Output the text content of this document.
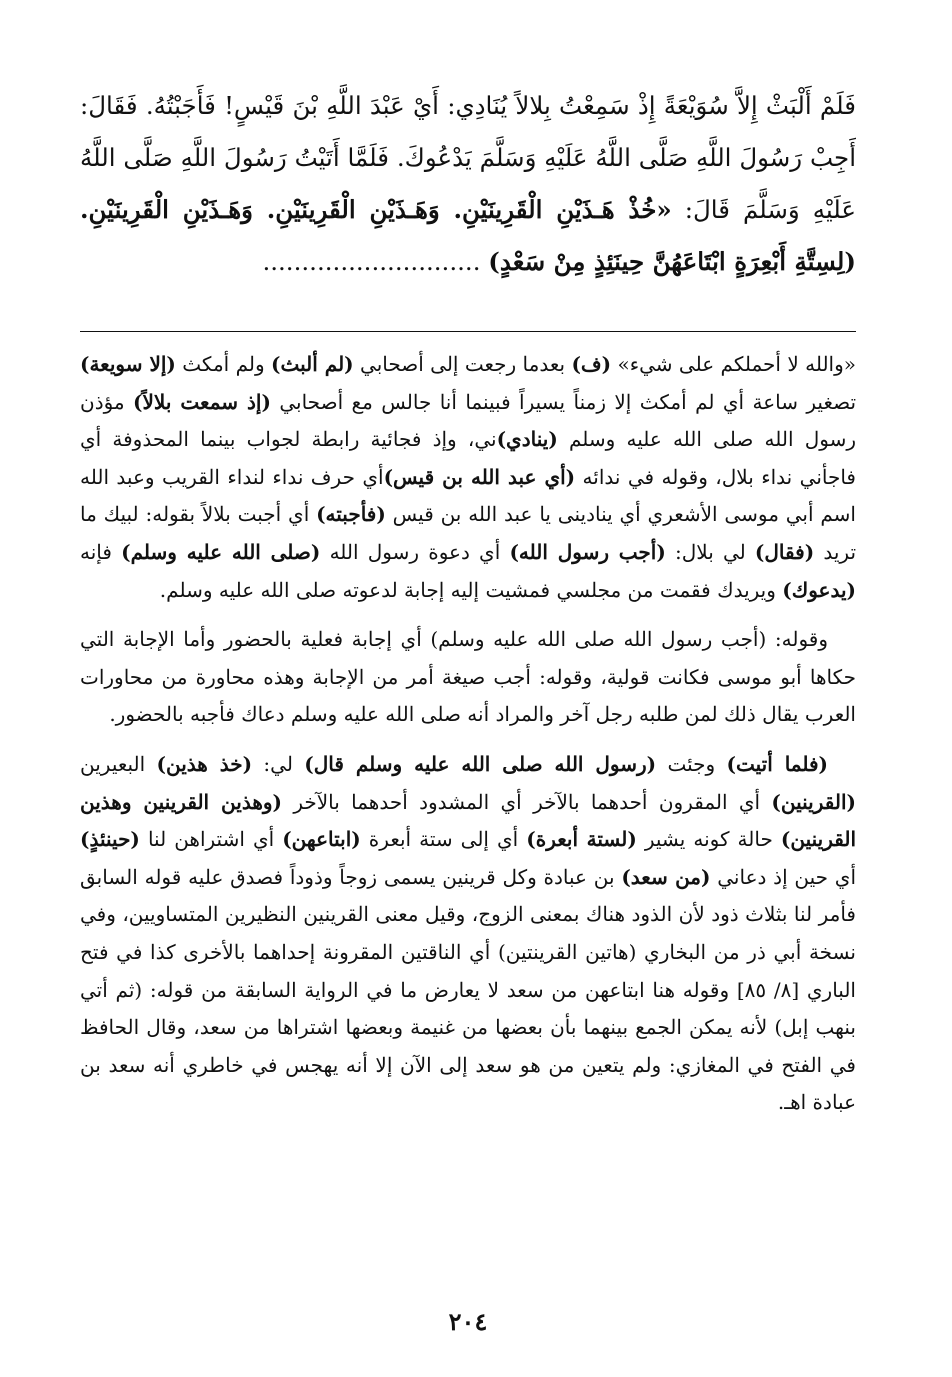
فَلَمْ أَلْبَثْ إِلاَّ سُوَيْعَةً إِذْ سَمِعْتُ بِلالاً يُنَادِي: أَيْ عَبْدَ اللَّهِ بْنَ قَيْسٍ! فَأَجَبْتُهُ. فَقَالَ: أَجِبْ رَسُولَ اللَّهِ صَلَّى اللَّهُ عَلَيْهِ وَسَلَّمَ يَدْعُوكَ. فَلَمَّا أَتَيْتُ رَسُولَ اللَّهِ صَلَّى اللَّهُ عَلَيْهِ وَسَلَّمَ قَالَ: «خُذْ هَـذَيْنِ الْقَرِينَيْنِ. وَهَـذَيْنِ الْقَرِينَيْنِ. وَهَـذَيْنِ الْقَرِينَيْنِ. (لِسِتَّةِ أَبْعِرَةٍ ابْتَاعَهُنَّ حِينَئِذٍ مِنْ سَعْدٍ) ............................

«والله لا أحملكم على شيء» (ف) بعدما رجعت إلى أصحابي (لم ألبث) ولم أمكث (إلا سويعة) تصغير ساعة أي لم أمكث إلا زمناً يسيراً فبينما أنا جالس مع أصحابي (إذ سمعت بلالاً) مؤذن رسول الله صلى الله عليه وسلم (ينادي)ني، وإذ فجائية رابطة لجواب بينما المحذوفة أي فاجأني نداء بلال، وقوله في ندائه (أي عبد الله بن قيس)أي حرف نداء لنداء القريب وعبد الله اسم أبي موسى الأشعري أي ينادينى يا عبد الله بن قيس (فأجبته) أي أجبت بلالاً بقوله: لبيك ما تريد (فقال) لي بلال: (أجب رسول الله) أي دعوة رسول الله (صلى الله عليه وسلم) فإنه (يدعوك) ويريدك فقمت من مجلسي فمشيت إليه إجابة لدعوته صلى الله عليه وسلم.

وقوله: (أجب رسول الله صلى الله عليه وسلم) أي إجابة فعلية بالحضور وأما الإجابة التي حكاها أبو موسى فكانت قولية، وقوله: أجب صيغة أمر من الإجابة وهذه محاورة من محاورات العرب يقال ذلك لمن طلبه رجل آخر والمراد أنه صلى الله عليه وسلم دعاك فأجبه بالحضور.

(فلما أتيت) وجئت (رسول الله صلى الله عليه وسلم قال) لي: (خذ هذين) البعيرين (القرينين) أي المقرون أحدهما بالآخر أي المشدود أحدهما بالآخر (وهذين القرينين وهذين القرينين) حالة كونه يشير (لستة أبعرة) أي إلى ستة أبعرة (ابتاعهن) أي اشتراهن لنا (حينئذٍ) أي حين إذ دعاني (من سعد) بن عبادة وكل قرينين يسمى زوجاً وذوداً فصدق عليه قوله السابق فأمر لنا بثلاث ذود لأن الذود هناك بمعنى الزوج، وقيل معنى القرينين النظيرين المتساويين، وفي نسخة أبي ذر من البخاري (هاتين القرينتين) أي الناقتين المقرونة إحداهما بالأخرى كذا في فتح الباري [٨/ ٨٥] وقوله هنا ابتاعهن من سعد لا يعارض ما في الرواية السابقة من قوله: (ثم أتي بنهب إبل) لأنه يمكن الجمع بينهما بأن بعضها من غنيمة وبعضها اشتراها من سعد، وقال الحافظ في الفتح في المغازي: ولم يتعين من هو سعد إلى الآن إلا أنه يهجس في خاطري أنه سعد بن عبادة اهـ.

٢٠٤
